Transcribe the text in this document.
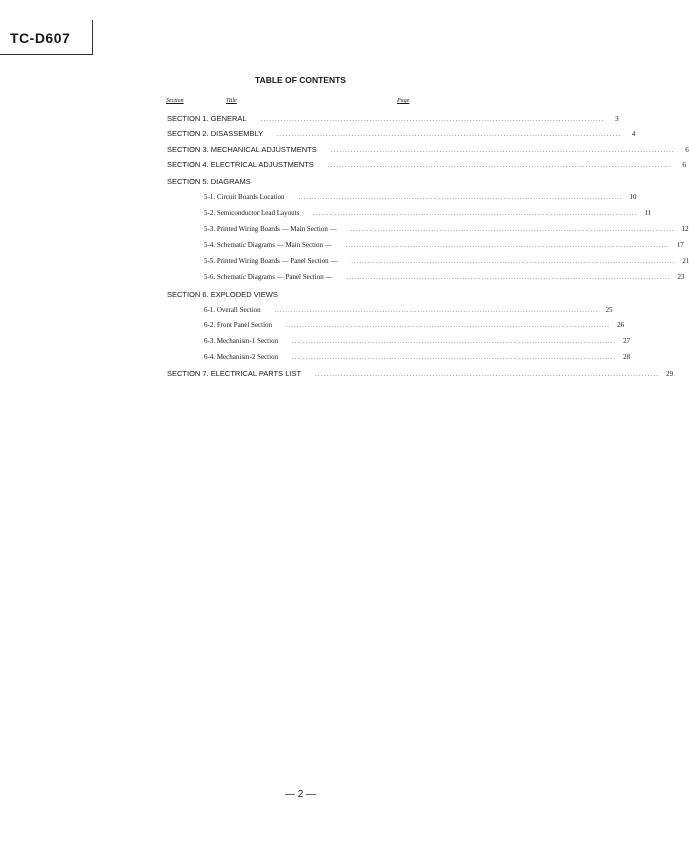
TC-D607
TABLE OF CONTENTS
Section	Title	Page
SECTION 1. GENERAL ........................................................................................................................	3
SECTION 2. DISASSEMBLY ........................................................................................................................	4
SECTION 3. MECHANICAL ADJUSTMENTS ........................................................................................................................	6
SECTION 4. ELECTRICAL ADJUSTMENTS ........................................................................................................................	6
SECTION 5. DIAGRAMS
5-1. Circuit Boards Location ........................................................................................................................	10
5-2. Semiconductor Lead Layouts ........................................................................................................................	11
5-3. Printed Wiring Boards — Main Section — ........................................................................................................................	12
5-4. Schematic Diagrams — Main Section — ........................................................................................................................	17
5-5. Printed Wiring Boards — Panel Section — ........................................................................................................................	21
5-6. Schematic Diagrams — Panel Section — ........................................................................................................................	23
SECTION 6. EXPLODED VIEWS
6-1. Overall Section ........................................................................................................................	25
6-2. Front Panel Section ........................................................................................................................	26
6-3. Mechanism-1 Section ........................................................................................................................	27
6-4. Mechanism-2 Section ........................................................................................................................	28
SECTION 7. ELECTRICAL PARTS LIST ........................................................................................................................	29
— 2 —
